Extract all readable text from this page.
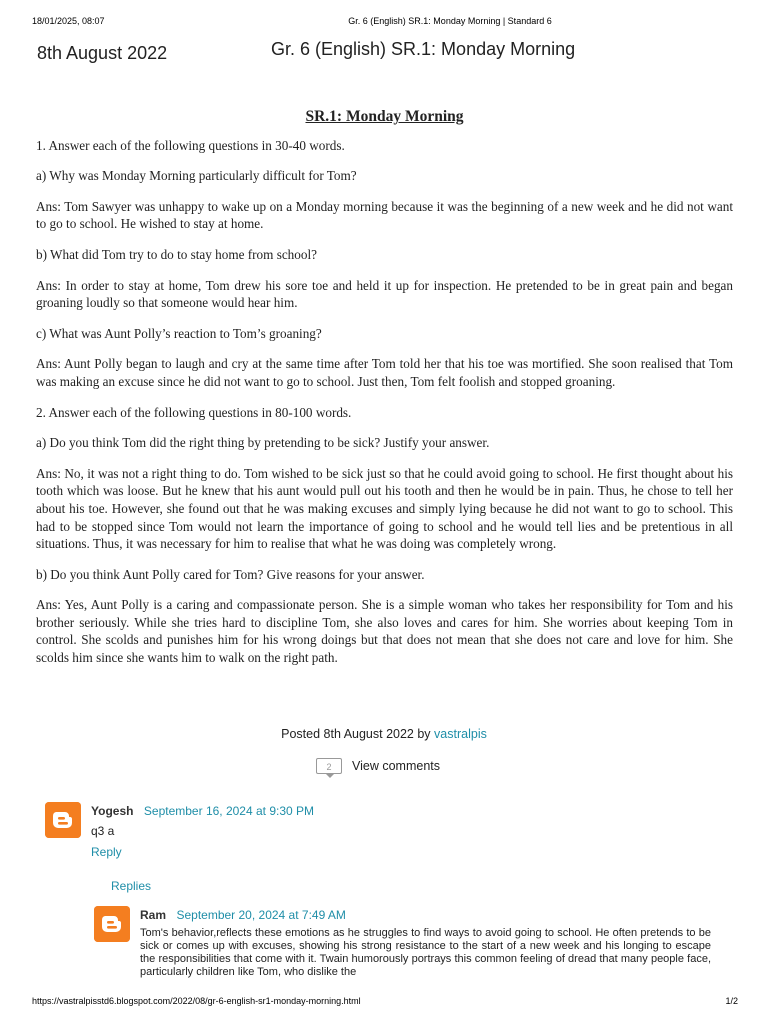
18/01/2025, 08:07	Gr. 6 (English) SR.1: Monday Morning | Standard 6
8th August 2022	Gr. 6 (English) SR.1: Monday Morning
SR.1: Monday Morning

1. Answer each of the following questions in 30-40 words.

a) Why was Monday Morning particularly difficult for Tom?

Ans: Tom Sawyer was unhappy to wake up on a Monday morning because it was the beginning of a new week and he did not want to go to school. He wished to stay at home.

b) What did Tom try to do to stay home from school?

Ans: In order to stay at home, Tom drew his sore toe and held it up for inspection. He pretended to be in great pain and began groaning loudly so that someone would hear him.

c) What was Aunt Polly’s reaction to Tom’s groaning?

Ans: Aunt Polly began to laugh and cry at the same time after Tom told her that his toe was mortified. She soon realised that Tom was making an excuse since he did not want to go to school. Just then, Tom felt foolish and stopped groaning.

2. Answer each of the following questions in 80-100 words.

a) Do you think Tom did the right thing by pretending to be sick? Justify your answer.

Ans: No, it was not a right thing to do. Tom wished to be sick just so that he could avoid going to school. He first thought about his tooth which was loose. But he knew that his aunt would pull out his tooth and then he would be in pain. Thus, he chose to tell her about his toe. However, she found out that he was making excuses and simply lying because he did not want to go to school. This had to be stopped since Tom would not learn the importance of going to school and he would tell lies and be pretentious in all situations. Thus, it was necessary for him to realise that what he was doing was completely wrong.

b) Do you think Aunt Polly cared for Tom? Give reasons for your answer.

Ans: Yes, Aunt Polly is a caring and compassionate person. She is a simple woman who takes her responsibility for Tom and his brother seriously. While she tries hard to discipline Tom, she also loves and cares for him. She worries about keeping Tom in control. She scolds and punishes him for his wrong doings but that does not mean that she does not care and love for him. She scolds him since she wants him to walk on the right path.

Posted 8th August 2022 by vastralpis
2	View comments
Yogesh September 16, 2024 at 9:30 PM
q3 a
Reply
Replies
Ram September 20, 2024 at 7:49 AM
Tom's behavior,reflects these emotions as he struggles to find ways to avoid going to school. He often pretends to be sick or comes up with excuses, showing his strong resistance to the start of a new week and his longing to escape the responsibilities that come with it. Twain humorously portrays this common feeling of dread that many people face, particularly children like Tom, who dislike the
https://vastralpisstd6.blogspot.com/2022/08/gr-6-english-sr1-monday-morning.html	1/2
